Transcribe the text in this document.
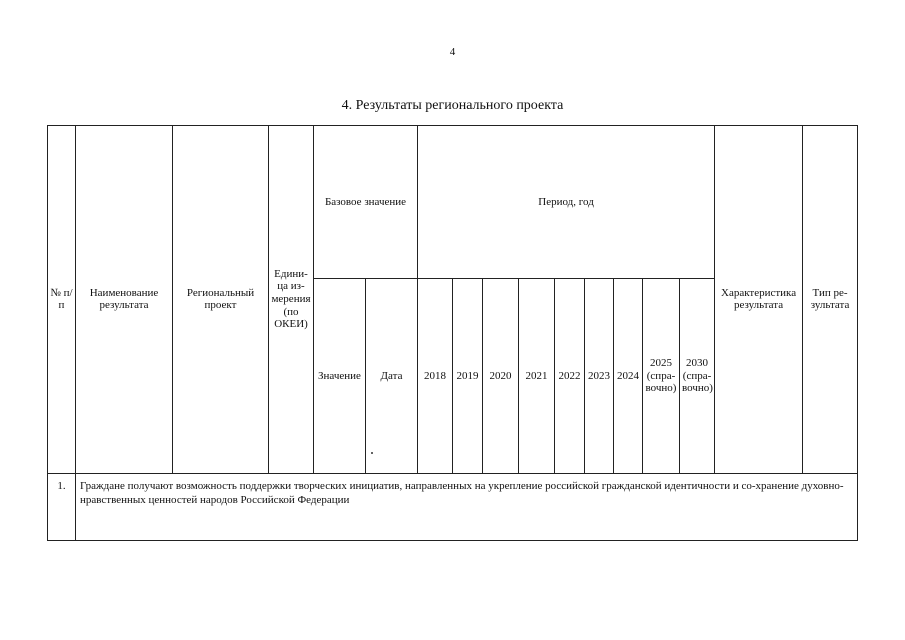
4
4. Результаты регионального проекта
№ п/п	Наименование результата	Региональный проект	Едини-ца из-мерения (по ОКЕИ)	Базовое значение		Период, год									Характеристика результата	Тип ре-зультата
				Значение	Дата	2018	2019	2020	2021	2022	2023	2024	2025 (спра-вочно)	2030 (спра-вочно)		
1.	Граждане получают возможность поддержки творческих инициатив, направленных на укрепление российской гражданской идентичности и со-хранение духовно-нравственных ценностей народов Российской Федерации															
